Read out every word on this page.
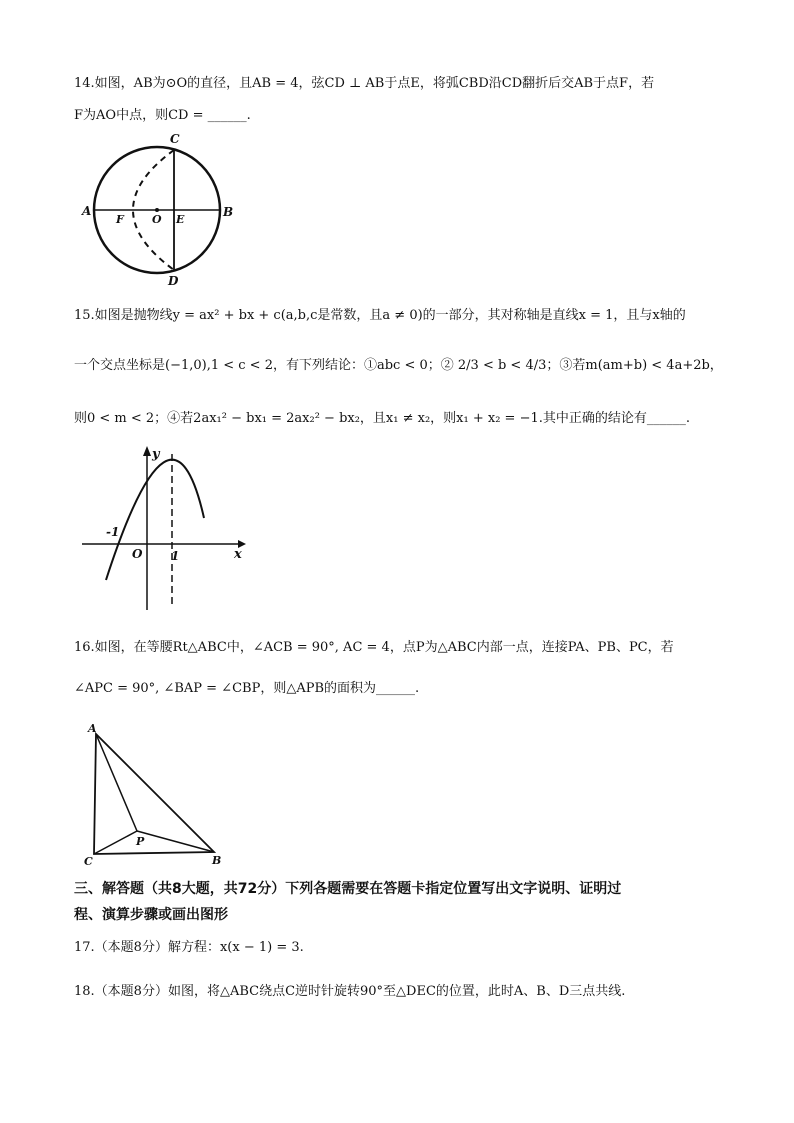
14.如图，AB为⊙O的直径，且AB = 4，弦CD ⊥ AB于点E，将弧CBD沿CD翻折后交AB于点F，若
F为AO中点，则CD = ______.
C
A
F	O E
B
D
15.如图是抛物线y = ax² + bx + c(a,b,c是常数，且a ≠ 0)的一部分，其对称轴是直线x = 1，且与x轴的
一个交点坐标是(−1,0),1 < c < 2，有下列结论：①abc < 0；② 2/3 < b < 4/3；③若m(am+b) < 4a+2b，
则0 < m < 2；④若2ax₁² − bx₁ = 2ax₂² − bx₂，且x₁ ≠ x₂，则x₁ + x₂ = −1.其中正确的结论有______.
y
x
O
-1
1
16.如图，在等腰Rt△ABC中，∠ACB = 90°, AC = 4，点P为△ABC内部一点，连接PA、PB、PC，若
∠APC = 90°, ∠BAP = ∠CBP，则△APB的面积为______.
A
P
C	B
三、解答题（共8大题，共72分）下列各题需要在答题卡指定位置写出文字说明、证明过
程、演算步骤或画出图形
17.（本题8分）解方程：x(x − 1) = 3.
18.（本题8分）如图，将△ABC绕点C逆时针旋转90°至△DEC的位置，此时A、B、D三点共线.
